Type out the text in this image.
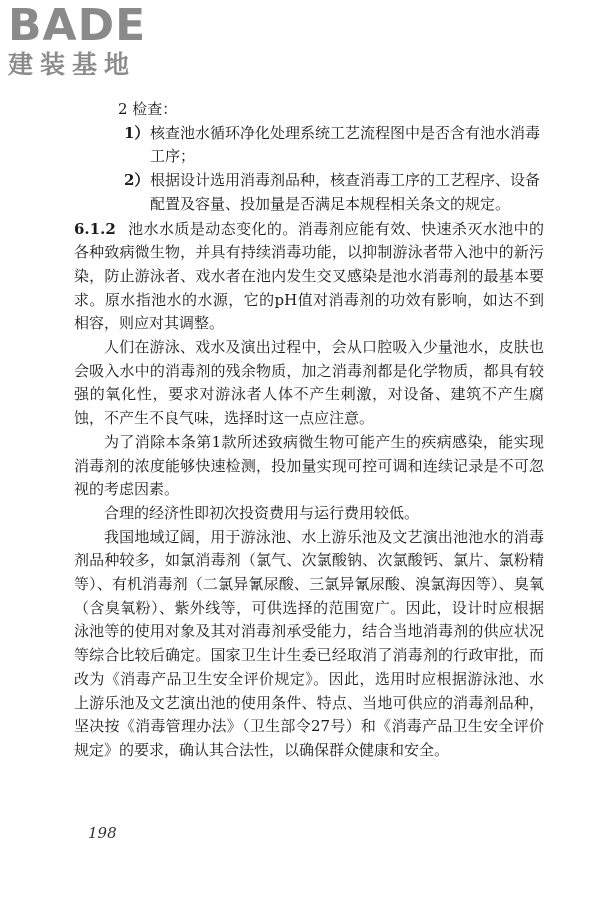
BADE
建装基地
2 检查：
1） 核查池水循环净化处理系统工艺流程图中是否含有池水消毒工序；
2） 根据设计选用消毒剂品种，核查消毒工序的工艺程序、设备配置及容量、投加量是否满足本规程相关条文的规定。
6.1.2 池水水质是动态变化的。消毒剂应能有效、快速杀灭水池中的各种致病微生物，并具有持续消毒功能，以抑制游泳者带入池中的新污染，防止游泳者、戏水者在池内发生交叉感染是池水消毒剂的最基本要求。原水指池水的水源，它的pH值对消毒剂的功效有影响，如达不到相容，则应对其调整。
人们在游泳、戏水及演出过程中，会从口腔吸入少量池水，皮肤也会吸入水中的消毒剂的残余物质，加之消毒剂都是化学物质，都具有较强的氧化性，要求对游泳者人体不产生刺激，对设备、建筑不产生腐蚀，不产生不良气味，选择时这一点应注意。
为了消除本条第1款所述致病微生物可能产生的疾病感染，能实现消毒剂的浓度能够快速检测，投加量实现可控可调和连续记录是不可忽视的考虑因素。
合理的经济性即初次投资费用与运行费用较低。
我国地域辽阔，用于游泳池、水上游乐池及文艺演出池池水的消毒剂品种较多，如氯消毒剂（氯气、次氯酸钠、次氯酸钙、氯片、氯粉精等）、有机消毒剂（二氯异氰尿酸、三氯异氰尿酸、溴氯海因等）、臭氧（含臭氧粉）、紫外线等，可供选择的范围宽广。因此，设计时应根据泳池等的使用对象及其对消毒剂承受能力，结合当地消毒剂的供应状况等综合比较后确定。国家卫生计生委已经取消了消毒剂的行政审批，而改为《消毒产品卫生安全评价规定》。因此，选用时应根据游泳池、水上游乐池及文艺演出池的使用条件、特点、当地可供应的消毒剂品种，坚决按《消毒管理办法》（卫生部令27号）和《消毒产品卫生安全评价规定》的要求，确认其合法性，以确保群众健康和安全。
198
